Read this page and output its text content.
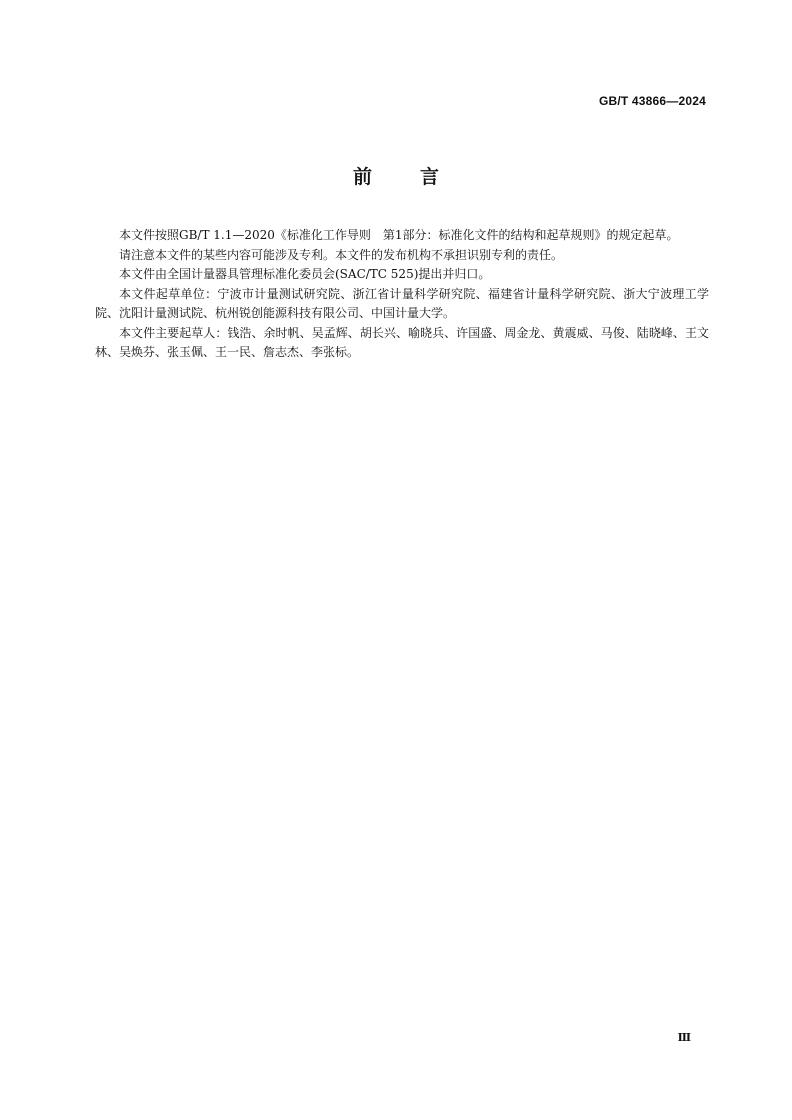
GB/T 43866—2024
前	言

本文件按照GB/T 1.1—2020《标准化工作导则　第1部分：标准化文件的结构和起草规则》的规定起草。

请注意本文件的某些内容可能涉及专利。本文件的发布机构不承担识别专利的责任。

本文件由全国计量器具管理标准化委员会(SAC/TC 525)提出并归口。

本文件起草单位：宁波市计量测试研究院、浙江省计量科学研究院、福建省计量科学研究院、浙大宁波理工学院、沈阳计量测试院、杭州锐创能源科技有限公司、中国计量大学。

本文件主要起草人：钱浩、余时帆、吴孟辉、胡长兴、喻晓兵、许国盛、周金龙、黄震威、马俊、陆晓峰、王文林、吴焕芬、张玉佩、王一民、詹志杰、李张标。

Ⅲ
